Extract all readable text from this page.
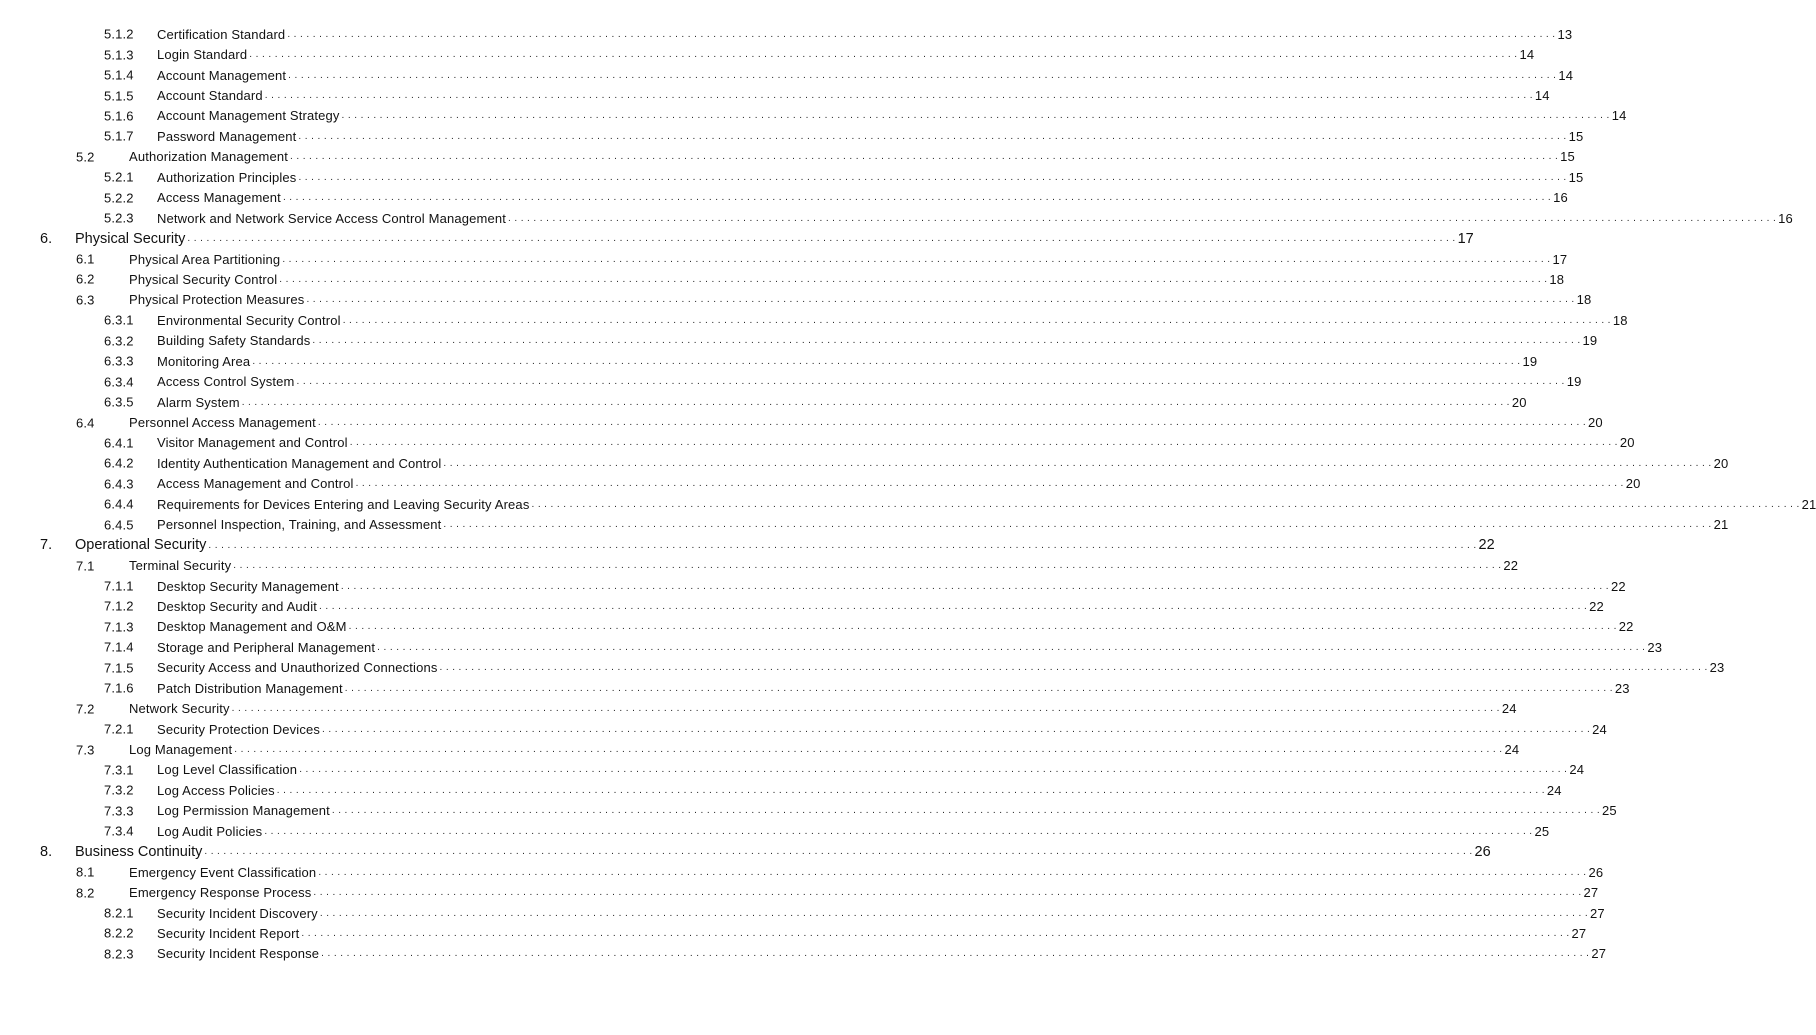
5.1.2 Certification Standard . . . . . . . . . . . . . . . . . . . . . . . . . . . . . . . . . . . . . . . . . . . . . . . . . . . . . . . . . . . . . . . . . . . . . . . . . . . . . . . . . . . . . . . . . . . . . . . . . . . . . . . . . . . . . . . . . . . . . . . . . . . . . . . . . . . . . . . . . . . . . . . . . . . . . . . . . . . . . . . . . . . . . . . . . . . . . . . . . . . . . . . . . . . . . . . . . . . . . . . . 13
5.1.3 Login Standard . . . . . . . . . . . . . . . . . . . . . . . . . . . . . . . . . . . . . . . . . . . . . . . . . . . . . . . . . . . . . . . . . . . . . . . . . . . . . . . . . . . . . . . . . . . . . . . . . . . . . . . . . . . . . . . . . . . . . . . . . . . . . . . . . . . . . . . . . . . . . . . . . . . . . . . . . . . . . . . . . . . . . . . . . . . . . . . . . . . . . . . . . . . . . . . . . . . . . . . . 14
5.1.4 Account Management . . . . . . . . . . . . . . . . . . . . . . . . . . . . . . . . . . . . . . . . . . . . . . . . . . . . . . . . . . . . . . . . . . . . . . . . . . . . . . . . . . . . . . . . . . . . . . . . . . . . . . . . . . . . . . . . . . . . . . . . . . . . . . . . . . . . . . . . . . . . . . . . . . . . . . . . . . . . . . . . . . . . . . . . . . . . . . . . . . . . . . . . . . . . . . . . . . . . . . . . 14
5.1.5 Account Standard . . . . . . . . . . . . . . . . . . . . . . . . . . . . . . . . . . . . . . . . . . . . . . . . . . . . . . . . . . . . . . . . . . . . . . . . . . . . . . . . . . . . . . . . . . . . . . . . . . . . . . . . . . . . . . . . . . . . . . . . . . . . . . . . . . . . . . . . . . . . . . . . . . . . . . . . . . . . . . . . . . . . . . . . . . . . . . . . . . . . . . . . . . . . . . . . . . . . . . . . 14
5.1.6 Account Management Strategy . . . . . . . . . . . . . . . . . . . . . . . . . . . . . . . . . . . . . . . . . . . . . . . . . . . . . . . . . . . . . . . . . . . . . . . . . . . . . . . . . . . . . . . . . . . . . . . . . . . . . . . . . . . . . . . . . . . . . . . . . . . . . . . . . . . . . . . . . . . . . . . . . . . . . . . . . . . . . . . . . . . . . . . . . . . . . . . . . . . . . . . . . . . . . . . . . . . . . . . . 14
5.1.7 Password Management . . . . . . . . . . . . . . . . . . . . . . . . . . . . . . . . . . . . . . . . . . . . . . . . . . . . . . . . . . . . . . . . . . . . . . . . . . . . . . . . . . . . . . . . . . . . . . . . . . . . . . . . . . . . . . . . . . . . . . . . . . . . . . . . . . . . . . . . . . . . . . . . . . . . . . . . . . . . . . . . . . . . . . . . . . . . . . . . . . . . . . . . . . . . . . . . . . . . . . . . 15
5.2	Authorization Management . . . . . . . . . . . . . . . . . . . . . . . . . . . . . . . . . . . . . . . . . . . . . . . . . . . . . . . . . . . . . . . . . . . . . . . . . . . . . . . . . . . . . . . . . . . . . . . . . . . . . . . . . . . . . . . . . . . . . . . . . . . . . . . . . . . . . . . . . . . . . . . . . . . . . . . . . . . . . . . . . . . . . . . . . . . . . . . . . . . . . . . . . . . . . . . . . . . . . . . . 15
5.2.1 Authorization Principles . . . . . . . . . . . . . . . . . . . . . . . . . . . . . . . . . . . . . . . . . . . . . . . . . . . . . . . . . . . . . . . . . . . . . . . . . . . . . . . . . . . . . . . . . . . . . . . . . . . . . . . . . . . . . . . . . . . . . . . . . . . . . . . . . . . . . . . . . . . . . . . . . . . . . . . . . . . . . . . . . . . . . . . . . . . . . . . . . . . . . . . . . . . . . . . . . . . . . . . . 15
5.2.2 Access Management . . . . . . . . . . . . . . . . . . . . . . . . . . . . . . . . . . . . . . . . . . . . . . . . . . . . . . . . . . . . . . . . . . . . . . . . . . . . . . . . . . . . . . . . . . . . . . . . . . . . . . . . . . . . . . . . . . . . . . . . . . . . . . . . . . . . . . . . . . . . . . . . . . . . . . . . . . . . . . . . . . . . . . . . . . . . . . . . . . . . . . . . . . . . . . . . . . . . . . . . 16
5.2.3 Network and Network Service Access Control Management . . . . . . . . . . . . . . . . . . . . . . . . . . . . . . . . . . . . . . . . . . . . . . . . . . . . . . . . . . . . . . . . . . . . . . . . . . . . . . . . . . . . . . . . . . . . . . . . . . . . . . . . . . . . . . . . . . . . . . . . . . . . . . . . . . . . . . . . . . . . . . . . . . . . . . . . . . . . . . . . . . . . . . . . . . . . . . . . . . . . . . . . . . . . . . . . . . . . . . . . 16
6. Physical Security . . . . . . . . . . . . . . . . . . . . . . . . . . . . . . . . . . . . . . . . . . . . . . . . . . . . . . . . . . . . . . . . . . . . . . . . . . . . . . . . . . . . . . . . . . . . . . . . . . . . . . . . . . . . . . . . . . . . . . . . . . . . . . . . . . . . . . . . . . . . . . . . . . . . . . . . . . . . . . . . . . . . . . . . . . . . . . . . . . . . . . . . . . . . . . . . . . . . . . . . 17
6.1	Physical Area Partitioning . . . . . . . . . . . . . . . . . . . . . . . . . . . . . . . . . . . . . . . . . . . . . . . . . . . . . . . . . . . . . . . . . . . . . . . . . . . . . . . . . . . . . . . . . . . . . . . . . . . . . . . . . . . . . . . . . . . . . . . . . . . . . . . . . . . . . . . . . . . . . . . . . . . . . . . . . . . . . . . . . . . . . . . . . . . . . . . . . . . . . . . . . . . . . . . . . . . . . . . . 17
6.2	Physical Security Control . . . . . . . . . . . . . . . . . . . . . . . . . . . . . . . . . . . . . . . . . . . . . . . . . . . . . . . . . . . . . . . . . . . . . . . . . . . . . . . . . . . . . . . . . . . . . . . . . . . . . . . . . . . . . . . . . . . . . . . . . . . . . . . . . . . . . . . . . . . . . . . . . . . . . . . . . . . . . . . . . . . . . . . . . . . . . . . . . . . . . . . . . . . . . . . . . . . . . . . . 18
6.3	Physical Protection Measures . . . . . . . . . . . . . . . . . . . . . . . . . . . . . . . . . . . . . . . . . . . . . . . . . . . . . . . . . . . . . . . . . . . . . . . . . . . . . . . . . . . . . . . . . . . . . . . . . . . . . . . . . . . . . . . . . . . . . . . . . . . . . . . . . . . . . . . . . . . . . . . . . . . . . . . . . . . . . . . . . . . . . . . . . . . . . . . . . . . . . . . . . . . . . . . . . . . . . . . . 18
6.3.1 Environmental Security Control . . . . . . . . . . . . . . . . . . . . . . . . . . . . . . . . . . . . . . . . . . . . . . . . . . . . . . . . . . . . . . . . . . . . . . . . . . . . . . . . . . . . . . . . . . . . . . . . . . . . . . . . . . . . . . . . . . . . . . . . . . . . . . . . . . . . . . . . . . . . . . . . . . . . . . . . . . . . . . . . . . . . . . . . . . . . . . . . . . . . . . . . . . . . . . . . . . . . . . . . 18
6.3.2 Building Safety Standards . . . . . . . . . . . . . . . . . . . . . . . . . . . . . . . . . . . . . . . . . . . . . . . . . . . . . . . . . . . . . . . . . . . . . . . . . . . . . . . . . . . . . . . . . . . . . . . . . . . . . . . . . . . . . . . . . . . . . . . . . . . . . . . . . . . . . . . . . . . . . . . . . . . . . . . . . . . . . . . . . . . . . . . . . . . . . . . . . . . . . . . . . . . . . . . . . . . . . . . . 19
6.3.3 Monitoring Area . . . . . . . . . . . . . . . . . . . . . . . . . . . . . . . . . . . . . . . . . . . . . . . . . . . . . . . . . . . . . . . . . . . . . . . . . . . . . . . . . . . . . . . . . . . . . . . . . . . . . . . . . . . . . . . . . . . . . . . . . . . . . . . . . . . . . . . . . . . . . . . . . . . . . . . . . . . . . . . . . . . . . . . . . . . . . . . . . . . . . . . . . . . . . . . . . . . . . . . . 19
6.3.4 Access Control System . . . . . . . . . . . . . . . . . . . . . . . . . . . . . . . . . . . . . . . . . . . . . . . . . . . . . . . . . . . . . . . . . . . . . . . . . . . . . . . . . . . . . . . . . . . . . . . . . . . . . . . . . . . . . . . . . . . . . . . . . . . . . . . . . . . . . . . . . . . . . . . . . . . . . . . . . . . . . . . . . . . . . . . . . . . . . . . . . . . . . . . . . . . . . . . . . . . . . . . . 19
6.3.5 Alarm System . . . . . . . . . . . . . . . . . . . . . . . . . . . . . . . . . . . . . . . . . . . . . . . . . . . . . . . . . . . . . . . . . . . . . . . . . . . . . . . . . . . . . . . . . . . . . . . . . . . . . . . . . . . . . . . . . . . . . . . . . . . . . . . . . . . . . . . . . . . . . . . . . . . . . . . . . . . . . . . . . . . . . . . . . . . . . . . . . . . . . . . . . . . . . . . . . . . . . . . . 20
6.4	Personnel Access Management . . . . . . . . . . . . . . . . . . . . . . . . . . . . . . . . . . . . . . . . . . . . . . . . . . . . . . . . . . . . . . . . . . . . . . . . . . . . . . . . . . . . . . . . . . . . . . . . . . . . . . . . . . . . . . . . . . . . . . . . . . . . . . . . . . . . . . . . . . . . . . . . . . . . . . . . . . . . . . . . . . . . . . . . . . . . . . . . . . . . . . . . . . . . . . . . . . . . . . . . 20
6.4.1 Visitor Management and Control . . . . . . . . . . . . . . . . . . . . . . . . . . . . . . . . . . . . . . . . . . . . . . . . . . . . . . . . . . . . . . . . . . . . . . . . . . . . . . . . . . . . . . . . . . . . . . . . . . . . . . . . . . . . . . . . . . . . . . . . . . . . . . . . . . . . . . . . . . . . . . . . . . . . . . . . . . . . . . . . . . . . . . . . . . . . . . . . . . . . . . . . . . . . . . . . . . . . . . . . 20
6.4.2 Identity Authentication Management and Control . . . . . . . . . . . . . . . . . . . . . . . . . . . . . . . . . . . . . . . . . . . . . . . . . . . . . . . . . . . . . . . . . . . . . . . . . . . . . . . . . . . . . . . . . . . . . . . . . . . . . . . . . . . . . . . . . . . . . . . . . . . . . . . . . . . . . . . . . . . . . . . . . . . . . . . . . . . . . . . . . . . . . . . . . . . . . . . . . . . . . . . . . . . . . . . . . . . . . . . . 20
6.4.3 Access Management and Control . . . . . . . . . . . . . . . . . . . . . . . . . . . . . . . . . . . . . . . . . . . . . . . . . . . . . . . . . . . . . . . . . . . . . . . . . . . . . . . . . . . . . . . . . . . . . . . . . . . . . . . . . . . . . . . . . . . . . . . . . . . . . . . . . . . . . . . . . . . . . . . . . . . . . . . . . . . . . . . . . . . . . . . . . . . . . . . . . . . . . . . . . . . . . . . . . . . . . . . . 20
6.4.4 Requirements for Devices Entering and Leaving Security Areas . . . . . . . . . . . . . . . . . . . . . . . . . . . . . . . . . . . . . . . . . . . . . . . . . . . . . . . . . . . . . . . . . . . . . . . . . . . . . . . . . . . . . . . . . . . . . . . . . . . . . . . . . . . . . . . . . . . . . . . . . . . . . . . . . . . . . . . . . . . . . . . . . . . . . . . . . . . . . . . . . . . . . . . . . . . . . . . . . . . . . . . . . . . . . . . . . . . . . . . . 21
6.4.5 Personnel Inspection, Training, and Assessment . . . . . . . . . . . . . . . . . . . . . . . . . . . . . . . . . . . . . . . . . . . . . . . . . . . . . . . . . . . . . . . . . . . . . . . . . . . . . . . . . . . . . . . . . . . . . . . . . . . . . . . . . . . . . . . . . . . . . . . . . . . . . . . . . . . . . . . . . . . . . . . . . . . . . . . . . . . . . . . . . . . . . . . . . . . . . . . . . . . . . . . . . . . . . . . . . . . . . . . . 21
7. Operational Security . . . . . . . . . . . . . . . . . . . . . . . . . . . . . . . . . . . . . . . . . . . . . . . . . . . . . . . . . . . . . . . . . . . . . . . . . . . . . . . . . . . . . . . . . . . . . . . . . . . . . . . . . . . . . . . . . . . . . . . . . . . . . . . . . . . . . . . . . . . . . . . . . . . . . . . . . . . . . . . . . . . . . . . . . . . . . . . . . . . . . . . . . . . . . . . . . . . . . . . . 22
7.1	Terminal Security . . . . . . . . . . . . . . . . . . . . . . . . . . . . . . . . . . . . . . . . . . . . . . . . . . . . . . . . . . . . . . . . . . . . . . . . . . . . . . . . . . . . . . . . . . . . . . . . . . . . . . . . . . . . . . . . . . . . . . . . . . . . . . . . . . . . . . . . . . . . . . . . . . . . . . . . . . . . . . . . . . . . . . . . . . . . . . . . . . . . . . . . . . . . . . . . . . . . . . . . 22
7.1.1 Desktop Security Management . . . . . . . . . . . . . . . . . . . . . . . . . . . . . . . . . . . . . . . . . . . . . . . . . . . . . . . . . . . . . . . . . . . . . . . . . . . . . . . . . . . . . . . . . . . . . . . . . . . . . . . . . . . . . . . . . . . . . . . . . . . . . . . . . . . . . . . . . . . . . . . . . . . . . . . . . . . . . . . . . . . . . . . . . . . . . . . . . . . . . . . . . . . . . . . . . . . . . . . . 22
7.1.2 Desktop Security and Audit . . . . . . . . . . . . . . . . . . . . . . . . . . . . . . . . . . . . . . . . . . . . . . . . . . . . . . . . . . . . . . . . . . . . . . . . . . . . . . . . . . . . . . . . . . . . . . . . . . . . . . . . . . . . . . . . . . . . . . . . . . . . . . . . . . . . . . . . . . . . . . . . . . . . . . . . . . . . . . . . . . . . . . . . . . . . . . . . . . . . . . . . . . . . . . . . . . . . . . . . 22
7.1.3 Desktop Management and O&M . . . . . . . . . . . . . . . . . . . . . . . . . . . . . . . . . . . . . . . . . . . . . . . . . . . . . . . . . . . . . . . . . . . . . . . . . . . . . . . . . . . . . . . . . . . . . . . . . . . . . . . . . . . . . . . . . . . . . . . . . . . . . . . . . . . . . . . . . . . . . . . . . . . . . . . . . . . . . . . . . . . . . . . . . . . . . . . . . . . . . . . . . . . . . . . . . . . . . . . . 22
7.1.4 Storage and Peripheral Management . . . . . . . . . . . . . . . . . . . . . . . . . . . . . . . . . . . . . . . . . . . . . . . . . . . . . . . . . . . . . . . . . . . . . . . . . . . . . . . . . . . . . . . . . . . . . . . . . . . . . . . . . . . . . . . . . . . . . . . . . . . . . . . . . . . . . . . . . . . . . . . . . . . . . . . . . . . . . . . . . . . . . . . . . . . . . . . . . . . . . . . . . . . . . . . . . . . . . . . . 23
7.1.5 Security Access and Unauthorized Connections . . . . . . . . . . . . . . . . . . . . . . . . . . . . . . . . . . . . . . . . . . . . . . . . . . . . . . . . . . . . . . . . . . . . . . . . . . . . . . . . . . . . . . . . . . . . . . . . . . . . . . . . . . . . . . . . . . . . . . . . . . . . . . . . . . . . . . . . . . . . . . . . . . . . . . . . . . . . . . . . . . . . . . . . . . . . . . . . . . . . . . . . . . . . . . . . . . . . . . . . 23
7.1.6 Patch Distribution Management . . . . . . . . . . . . . . . . . . . . . . . . . . . . . . . . . . . . . . . . . . . . . . . . . . . . . . . . . . . . . . . . . . . . . . . . . . . . . . . . . . . . . . . . . . . . . . . . . . . . . . . . . . . . . . . . . . . . . . . . . . . . . . . . . . . . . . . . . . . . . . . . . . . . . . . . . . . . . . . . . . . . . . . . . . . . . . . . . . . . . . . . . . . . . . . . . . . . . . . . 23
7.2	Network Security . . . . . . . . . . . . . . . . . . . . . . . . . . . . . . . . . . . . . . . . . . . . . . . . . . . . . . . . . . . . . . . . . . . . . . . . . . . . . . . . . . . . . . . . . . . . . . . . . . . . . . . . . . . . . . . . . . . . . . . . . . . . . . . . . . . . . . . . . . . . . . . . . . . . . . . . . . . . . . . . . . . . . . . . . . . . . . . . . . . . . . . . . . . . . . . . . . . . . . . . 24
7.2.1 Security Protection Devices . . . . . . . . . . . . . . . . . . . . . . . . . . . . . . . . . . . . . . . . . . . . . . . . . . . . . . . . . . . . . . . . . . . . . . . . . . . . . . . . . . . . . . . . . . . . . . . . . . . . . . . . . . . . . . . . . . . . . . . . . . . . . . . . . . . . . . . . . . . . . . . . . . . . . . . . . . . . . . . . . . . . . . . . . . . . . . . . . . . . . . . . . . . . . . . . . . . . . . . . 24
7.3	Log Management . . . . . . . . . . . . . . . . . . . . . . . . . . . . . . . . . . . . . . . . . . . . . . . . . . . . . . . . . . . . . . . . . . . . . . . . . . . . . . . . . . . . . . . . . . . . . . . . . . . . . . . . . . . . . . . . . . . . . . . . . . . . . . . . . . . . . . . . . . . . . . . . . . . . . . . . . . . . . . . . . . . . . . . . . . . . . . . . . . . . . . . . . . . . . . . . . . . . . . . . 24
7.3.1 Log Level Classification . . . . . . . . . . . . . . . . . . . . . . . . . . . . . . . . . . . . . . . . . . . . . . . . . . . . . . . . . . . . . . . . . . . . . . . . . . . . . . . . . . . . . . . . . . . . . . . . . . . . . . . . . . . . . . . . . . . . . . . . . . . . . . . . . . . . . . . . . . . . . . . . . . . . . . . . . . . . . . . . . . . . . . . . . . . . . . . . . . . . . . . . . . . . . . . . . . . . . . . . 24
7.3.2 Log Access Policies . . . . . . . . . . . . . . . . . . . . . . . . . . . . . . . . . . . . . . . . . . . . . . . . . . . . . . . . . . . . . . . . . . . . . . . . . . . . . . . . . . . . . . . . . . . . . . . . . . . . . . . . . . . . . . . . . . . . . . . . . . . . . . . . . . . . . . . . . . . . . . . . . . . . . . . . . . . . . . . . . . . . . . . . . . . . . . . . . . . . . . . . . . . . . . . . . . . . . . . . 24
7.3.3 Log Permission Management . . . . . . . . . . . . . . . . . . . . . . . . . . . . . . . . . . . . . . . . . . . . . . . . . . . . . . . . . . . . . . . . . . . . . . . . . . . . . . . . . . . . . . . . . . . . . . . . . . . . . . . . . . . . . . . . . . . . . . . . . . . . . . . . . . . . . . . . . . . . . . . . . . . . . . . . . . . . . . . . . . . . . . . . . . . . . . . . . . . . . . . . . . . . . . . . . . . . . . . . 25
7.3.4 Log Audit Policies . . . . . . . . . . . . . . . . . . . . . . . . . . . . . . . . . . . . . . . . . . . . . . . . . . . . . . . . . . . . . . . . . . . . . . . . . . . . . . . . . . . . . . . . . . . . . . . . . . . . . . . . . . . . . . . . . . . . . . . . . . . . . . . . . . . . . . . . . . . . . . . . . . . . . . . . . . . . . . . . . . . . . . . . . . . . . . . . . . . . . . . . . . . . . . . . . . . . . . . . 25
8. Business Continuity . . . . . . . . . . . . . . . . . . . . . . . . . . . . . . . . . . . . . . . . . . . . . . . . . . . . . . . . . . . . . . . . . . . . . . . . . . . . . . . . . . . . . . . . . . . . . . . . . . . . . . . . . . . . . . . . . . . . . . . . . . . . . . . . . . . . . . . . . . . . . . . . . . . . . . . . . . . . . . . . . . . . . . . . . . . . . . . . . . . . . . . . . . . . . . . . . . . . . . . . 26
8.1	Emergency Event Classification . . . . . . . . . . . . . . . . . . . . . . . . . . . . . . . . . . . . . . . . . . . . . . . . . . . . . . . . . . . . . . . . . . . . . . . . . . . . . . . . . . . . . . . . . . . . . . . . . . . . . . . . . . . . . . . . . . . . . . . . . . . . . . . . . . . . . . . . . . . . . . . . . . . . . . . . . . . . . . . . . . . . . . . . . . . . . . . . . . . . . . . . . . . . . . . . . . . . . . . . 26
8.2	Emergency Response Process . . . . . . . . . . . . . . . . . . . . . . . . . . . . . . . . . . . . . . . . . . . . . . . . . . . . . . . . . . . . . . . . . . . . . . . . . . . . . . . . . . . . . . . . . . . . . . . . . . . . . . . . . . . . . . . . . . . . . . . . . . . . . . . . . . . . . . . . . . . . . . . . . . . . . . . . . . . . . . . . . . . . . . . . . . . . . . . . . . . . . . . . . . . . . . . . . . . . . . . . 27
8.2.1 Security Incident Discovery . . . . . . . . . . . . . . . . . . . . . . . . . . . . . . . . . . . . . . . . . . . . . . . . . . . . . . . . . . . . . . . . . . . . . . . . . . . . . . . . . . . . . . . . . . . . . . . . . . . . . . . . . . . . . . . . . . . . . . . . . . . . . . . . . . . . . . . . . . . . . . . . . . . . . . . . . . . . . . . . . . . . . . . . . . . . . . . . . . . . . . . . . . . . . . . . . . . . . . . . 27
8.2.2 Security Incident Report . . . . . . . . . . . . . . . . . . . . . . . . . . . . . . . . . . . . . . . . . . . . . . . . . . . . . . . . . . . . . . . . . . . . . . . . . . . . . . . . . . . . . . . . . . . . . . . . . . . . . . . . . . . . . . . . . . . . . . . . . . . . . . . . . . . . . . . . . . . . . . . . . . . . . . . . . . . . . . . . . . . . . . . . . . . . . . . . . . . . . . . . . . . . . . . . . . . . . . . . 27
8.2.3 Security Incident Response . . . . . . . . . . . . . . . . . . . . . . . . . . . . . . . . . . . . . . . . . . . . . . . . . . . . . . . . . . . . . . . . . . . . . . . . . . . . . . . . . . . . . . . . . . . . . . . . . . . . . . . . . . . . . . . . . . . . . . . . . . . . . . . . . . . . . . . . . . . . . . . . . . . . . . . . . . . . . . . . . . . . . . . . . . . . . . . . . . . . . . . . . . . . . . . . . . . . . . . . 27
